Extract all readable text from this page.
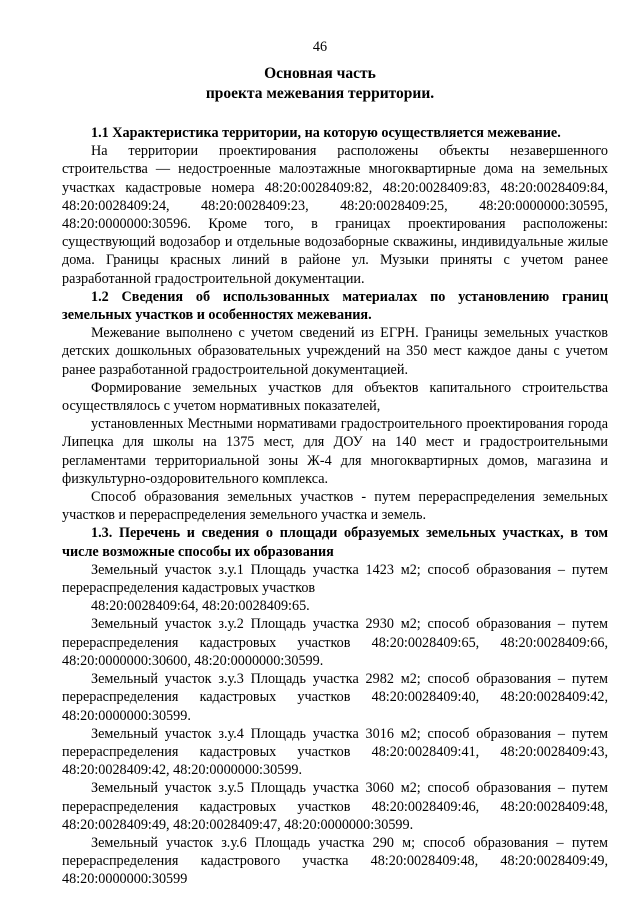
46
Основная часть
проекта межевания территории.

1.1 Характеристика территории, на которую осуществляется межевание.

На территории проектирования расположены объекты незавершенного строительства — недостроенные малоэтажные многоквартирные дома на земельных участках кадастровые номера 48:20:0028409:82, 48:20:0028409:83, 48:20:0028409:84, 48:20:0028409:24, 48:20:0028409:23, 48:20:0028409:25, 48:20:0000000:30595, 48:20:0000000:30596. Кроме того, в границах проектирования расположены: существующий водозабор и отдельные водозаборные скважины, индивидуальные жилые дома. Границы красных линий в районе ул. Музыки приняты с учетом ранее разработанной градостроительной документации.

1.2 Сведения об использованных материалах по установлению границ земельных участков и особенностях межевания.

Межевание выполнено с учетом сведений из ЕГРН. Границы земельных участков детских дошкольных образовательных учреждений на 350 мест каждое даны с учетом ранее разработанной градостроительной документацией.

Формирование земельных участков для объектов капитального строительства осуществлялось с учетом нормативных показателей,

установленных Местными нормативами градостроительного проектирования города Липецка для школы на 1375 мест, для ДОУ на 140 мест и градостроительными регламентами территориальной зоны Ж-4 для многоквартирных домов, магазина и физкультурно-оздоровительного комплекса.

Способ образования земельных участков - путем перераспределения земельных участков и перераспределения земельного участка и земель.

1.3. Перечень и сведения о площади образуемых земельных участках, в том числе возможные способы их образования

Земельный участок з.у.1 Площадь участка 1423 м2; способ образования – путем перераспределения кадастровых участков

48:20:0028409:64, 48:20:0028409:65.

Земельный участок з.у.2 Площадь участка 2930 м2; способ образования – путем перераспределения кадастровых участков 48:20:0028409:65, 48:20:0028409:66, 48:20:0000000:30600, 48:20:0000000:30599.

Земельный участок з.у.3 Площадь участка 2982 м2; способ образования – путем перераспределения кадастровых участков 48:20:0028409:40, 48:20:0028409:42, 48:20:0000000:30599.

Земельный участок з.у.4 Площадь участка 3016 м2; способ образования – путем перераспределения кадастровых участков 48:20:0028409:41, 48:20:0028409:43, 48:20:0028409:42, 48:20:0000000:30599.

Земельный участок з.у.5 Площадь участка 3060 м2; способ образования – путем перераспределения кадастровых участков 48:20:0028409:46, 48:20:0028409:48, 48:20:0028409:49, 48:20:0028409:47, 48:20:0000000:30599.

Земельный участок з.у.6 Площадь участка 290 м; способ образования – путем перераспределения кадастрового участка 48:20:0028409:48, 48:20:0028409:49, 48:20:0000000:30599
